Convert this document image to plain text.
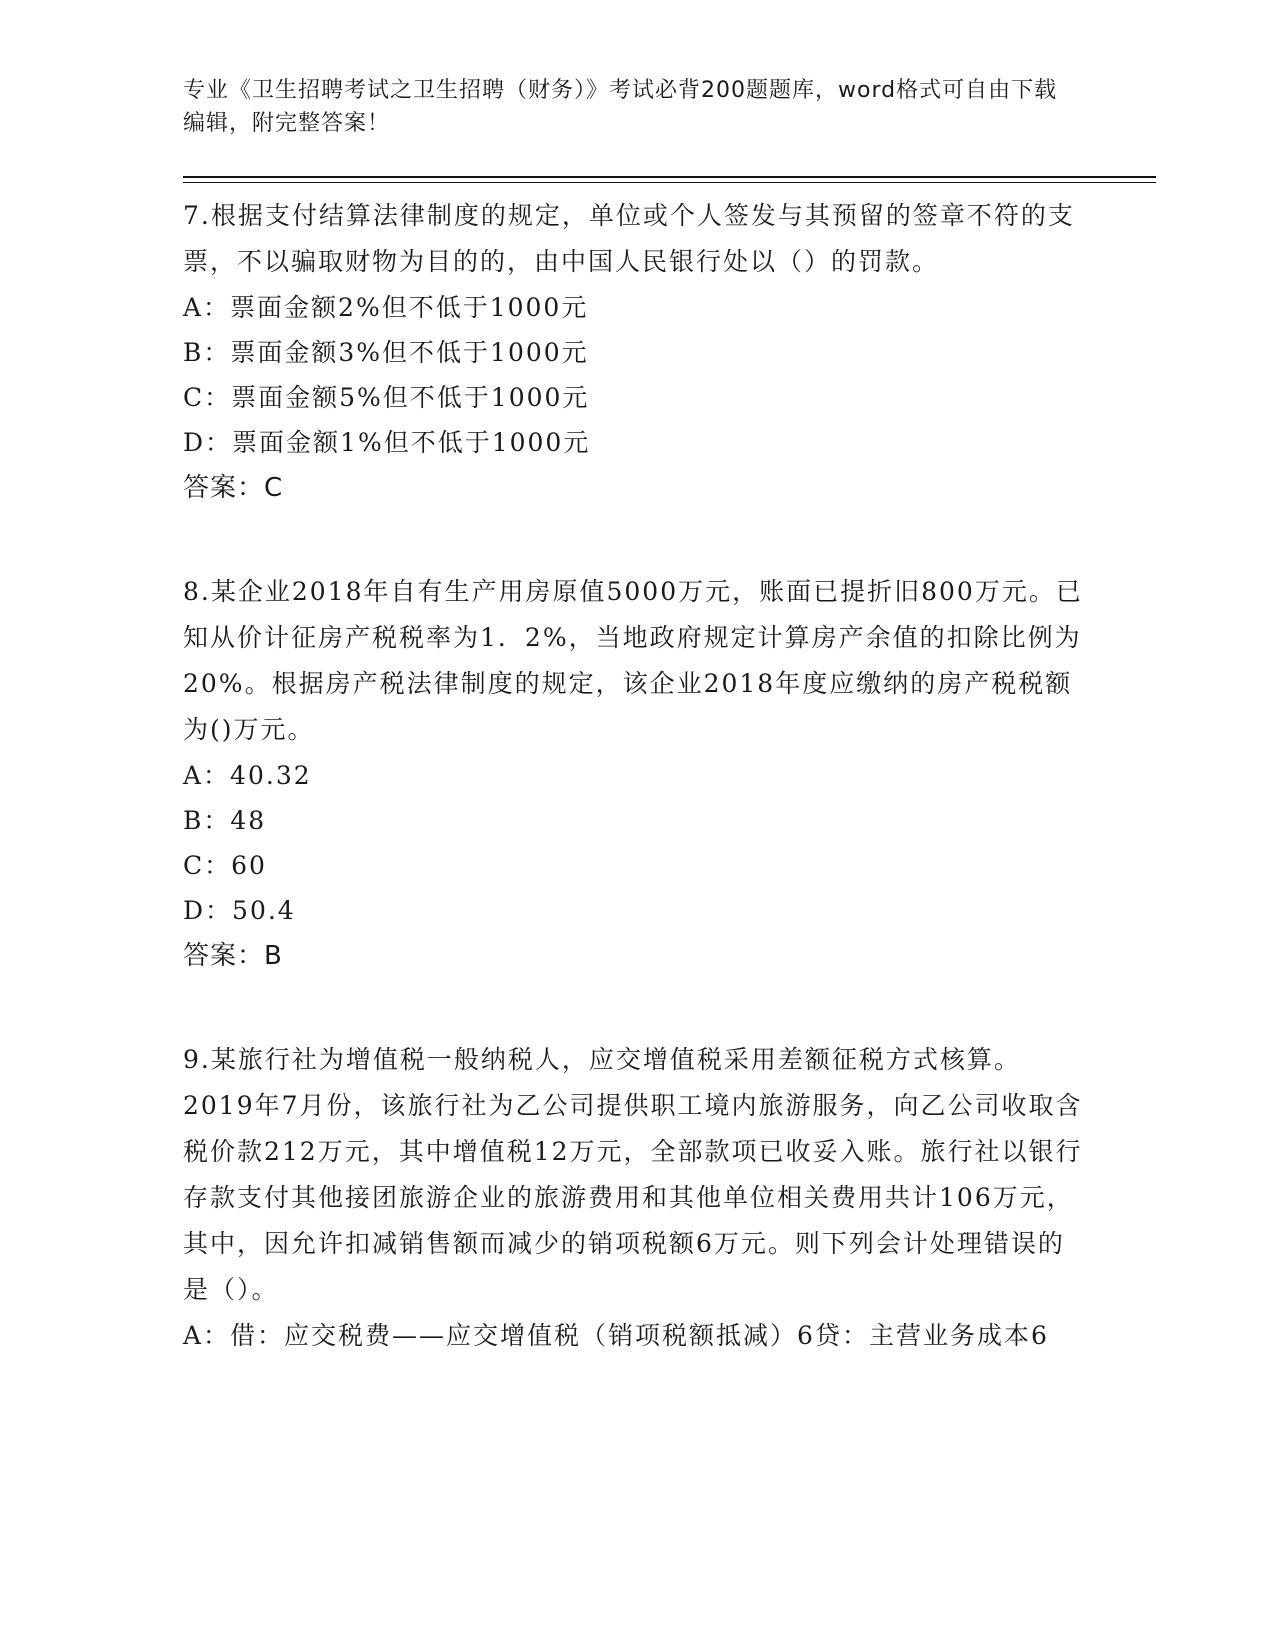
专业《卫生招聘考试之卫生招聘（财务）》考试必背200题题库，word格式可自由下载编辑，附完整答案！

7.根据支付结算法律制度的规定，单位或个人签发与其预留的签章不符的支票，不以骗取财物为目的的，由中国人民银行处以（）的罚款。

A：票面金额2%但不低于1000元

B：票面金额3%但不低于1000元

C：票面金额5%但不低于1000元

D：票面金额1%但不低于1000元

答案：C

8.某企业2018年自有生产用房原值5000万元，账面已提折旧800万元。已知从价计征房产税税率为1．2%，当地政府规定计算房产余值的扣除比例为20%。根据房产税法律制度的规定，该企业2018年度应缴纳的房产税税额为()万元。

A：40.32

B：48

C：60

D：50.4

答案：B

9.某旅行社为增值税一般纳税人，应交增值税采用差额征税方式核算。2019年7月份，该旅行社为乙公司提供职工境内旅游服务，向乙公司收取含税价款212万元，其中增值税12万元，全部款项已收妥入账。旅行社以银行存款支付其他接团旅游企业的旅游费用和其他单位相关费用共计106万元，其中，因允许扣减销售额而减少的销项税额6万元。则下列会计处理错误的是（）。

A：借：应交税费——应交增值税（销项税额抵减）6贷：主营业务成本6
